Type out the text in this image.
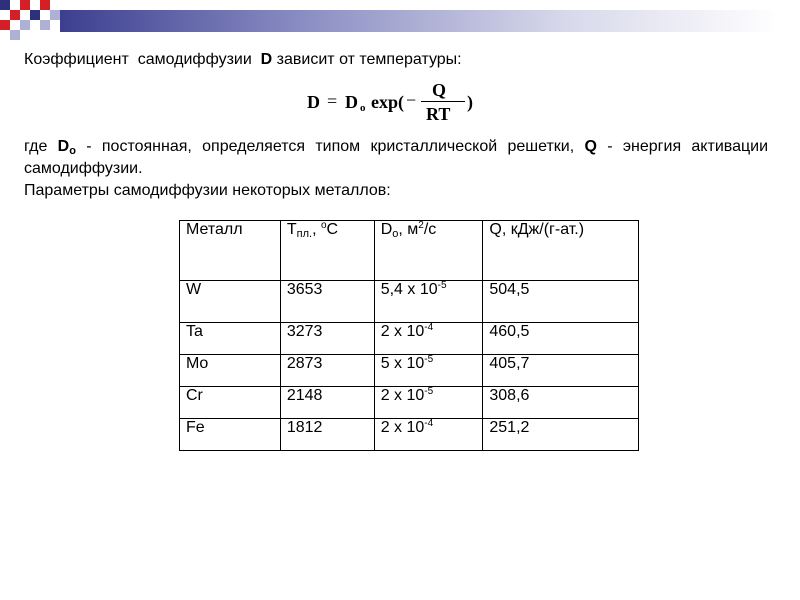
Коэффициент  самодиффузии  D зависит от температуры:
D = D o exp( − Q
RT
)
где $D_o$ - постоянная, определяется типом кристаллической решетки, Q - энергия активации самодиффузии.
Параметры самодиффузии некоторых металлов:
Металл	$T_{пл.}$, $^o$C	$D_o$, $м^2/с$	Q, кДж/(г-ат.)
W	3653	5,4 x $10^{-5}$	504,5
Ta	3273	2 x $10^{-4}$	460,5
Mo	2873	5 x $10^{-5}$	405,7
Cr	2148	2 x $10^{-5}$	308,6
Fe	1812	2 x $10^{-4}$	251,2
